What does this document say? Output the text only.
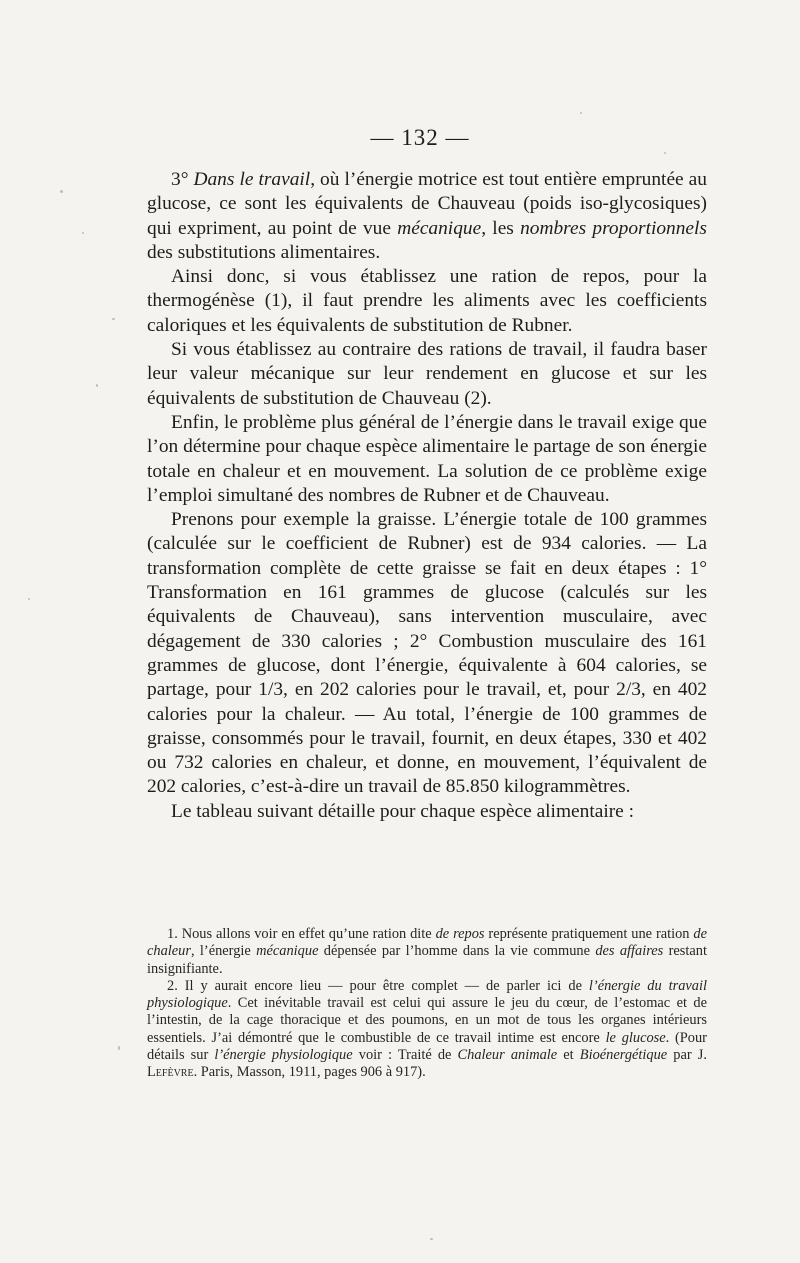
— 132 —

3° Dans le travail, où l’énergie motrice est tout entière empruntée au glucose, ce sont les équivalents de Chauveau (poids iso-glycosiques) qui expriment, au point de vue mécanique, les nombres proportionnels des substitutions alimentaires.

Ainsi donc, si vous établissez une ration de repos, pour la thermogénèse (1), il faut prendre les aliments avec les coefficients caloriques et les équivalents de substitution de Rubner.

Si vous établissez au contraire des rations de travail, il faudra baser leur valeur mécanique sur leur rendement en glucose et sur les équivalents de substitution de Chauveau (2).

Enfin, le problème plus général de l’énergie dans le travail exige que l’on détermine pour chaque espèce alimentaire le partage de son énergie totale en chaleur et en mouvement. La solution de ce problème exige l’emploi simultané des nombres de Rubner et de Chauveau.

Prenons pour exemple la graisse. L’énergie totale de 100 grammes (calculée sur le coefficient de Rubner) est de 934 calories. — La transformation complète de cette graisse se fait en deux étapes : 1° Transformation en 161 grammes de glucose (calculés sur les équivalents de Chauveau), sans intervention musculaire, avec dégagement de 330 calories ; 2° Combustion musculaire des 161 grammes de glucose, dont l’énergie, équivalente à 604 calories, se partage, pour 1/3, en 202 calories pour le travail, et, pour 2/3, en 402 calories pour la chaleur. — Au total, l’énergie de 100 grammes de graisse, consommés pour le travail, fournit, en deux étapes, 330 et 402 ou 732 calories en chaleur, et donne, en mouvement, l’équivalent de 202 calories, c’est-à-dire un travail de 85.850 kilogrammètres.

Le tableau suivant détaille pour chaque espèce alimentaire :

1. Nous allons voir en effet qu’une ration dite de repos représente pratiquement une ration de chaleur, l’énergie mécanique dépensée par l’homme dans la vie commune des affaires restant insignifiante.

2. Il y aurait encore lieu — pour être complet — de parler ici de l’énergie du travail physiologique. Cet inévitable travail est celui qui assure le jeu du cœur, de l’estomac et de l’intestin, de la cage thoracique et des poumons, en un mot de tous les organes intérieurs essentiels. J’ai démontré que le combustible de ce travail intime est encore le glucose. (Pour détails sur l’énergie physiologique voir : Traité de Chaleur animale et Bioénergétique par J. Lefèvre. Paris, Masson, 1911, pages 906 à 917).
